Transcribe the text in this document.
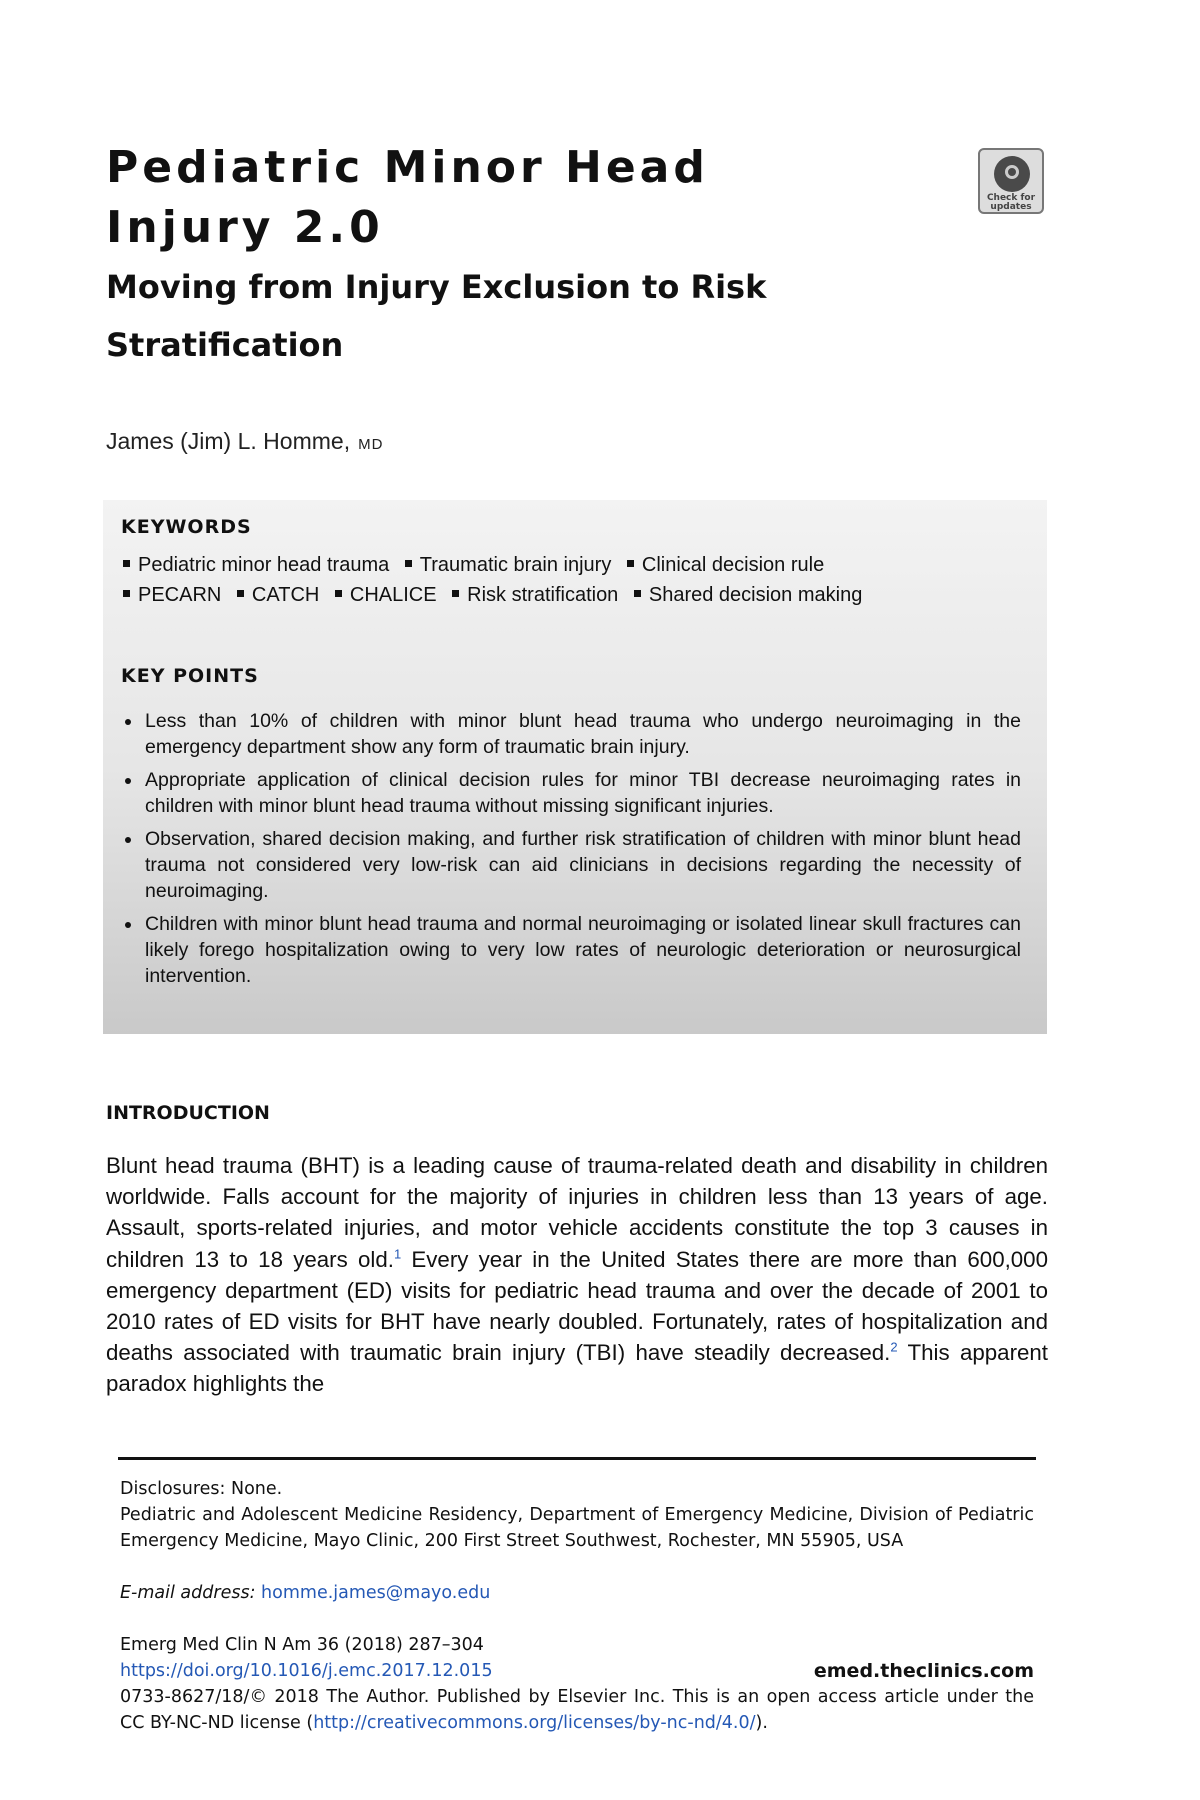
Pediatric Minor Head
Injury 2.0
Moving from Injury Exclusion to Risk
Stratification
Check for
updates
James (Jim) L. Homme, MD
KEYWORDS
Pediatric minor head trauma Traumatic brain injury Clinical decision rule
PECARN CATCH CHALICE Risk stratification Shared decision making
KEY POINTS
Less than 10% of children with minor blunt head trauma who undergo neuroimaging in the emergency department show any form of traumatic brain injury.
Appropriate application of clinical decision rules for minor TBI decrease neuroimaging rates in children with minor blunt head trauma without missing significant injuries.
Observation, shared decision making, and further risk stratification of children with minor blunt head trauma not considered very low-risk can aid clinicians in decisions regarding the necessity of neuroimaging.
Children with minor blunt head trauma and normal neuroimaging or isolated linear skull fractures can likely forego hospitalization owing to very low rates of neurologic deterioration or neurosurgical intervention.
INTRODUCTION

Blunt head trauma (BHT) is a leading cause of trauma-related death and disability in children worldwide. Falls account for the majority of injuries in children less than 13 years of age. Assault, sports-related injuries, and motor vehicle accidents constitute the top 3 causes in children 13 to 18 years old.$^1$ Every year in the United States there are more than 600,000 emergency department (ED) visits for pediatric head trauma and over the decade of 2001 to 2010 rates of ED visits for BHT have nearly doubled. Fortunately, rates of hospitalization and deaths associated with traumatic brain injury (TBI) have steadily decreased.$^2$ This apparent paradox highlights the

Disclosures: None.

Pediatric and Adolescent Medicine Residency, Department of Emergency Medicine, Division of Pediatric Emergency Medicine, Mayo Clinic, 200 First Street Southwest, Rochester, MN 55905, USA

E-mail address: homme.james@mayo.edu

Emerg Med Clin N Am 36 (2018) 287–304

https://doi.org/10.1016/j.emc.2017.12.015	emed.theclinics.com

0733-8627/18/© 2018 The Author. Published by Elsevier Inc. This is an open access article under the CC BY-NC-ND license (http://creativecommons.org/licenses/by-nc-nd/4.0/).
